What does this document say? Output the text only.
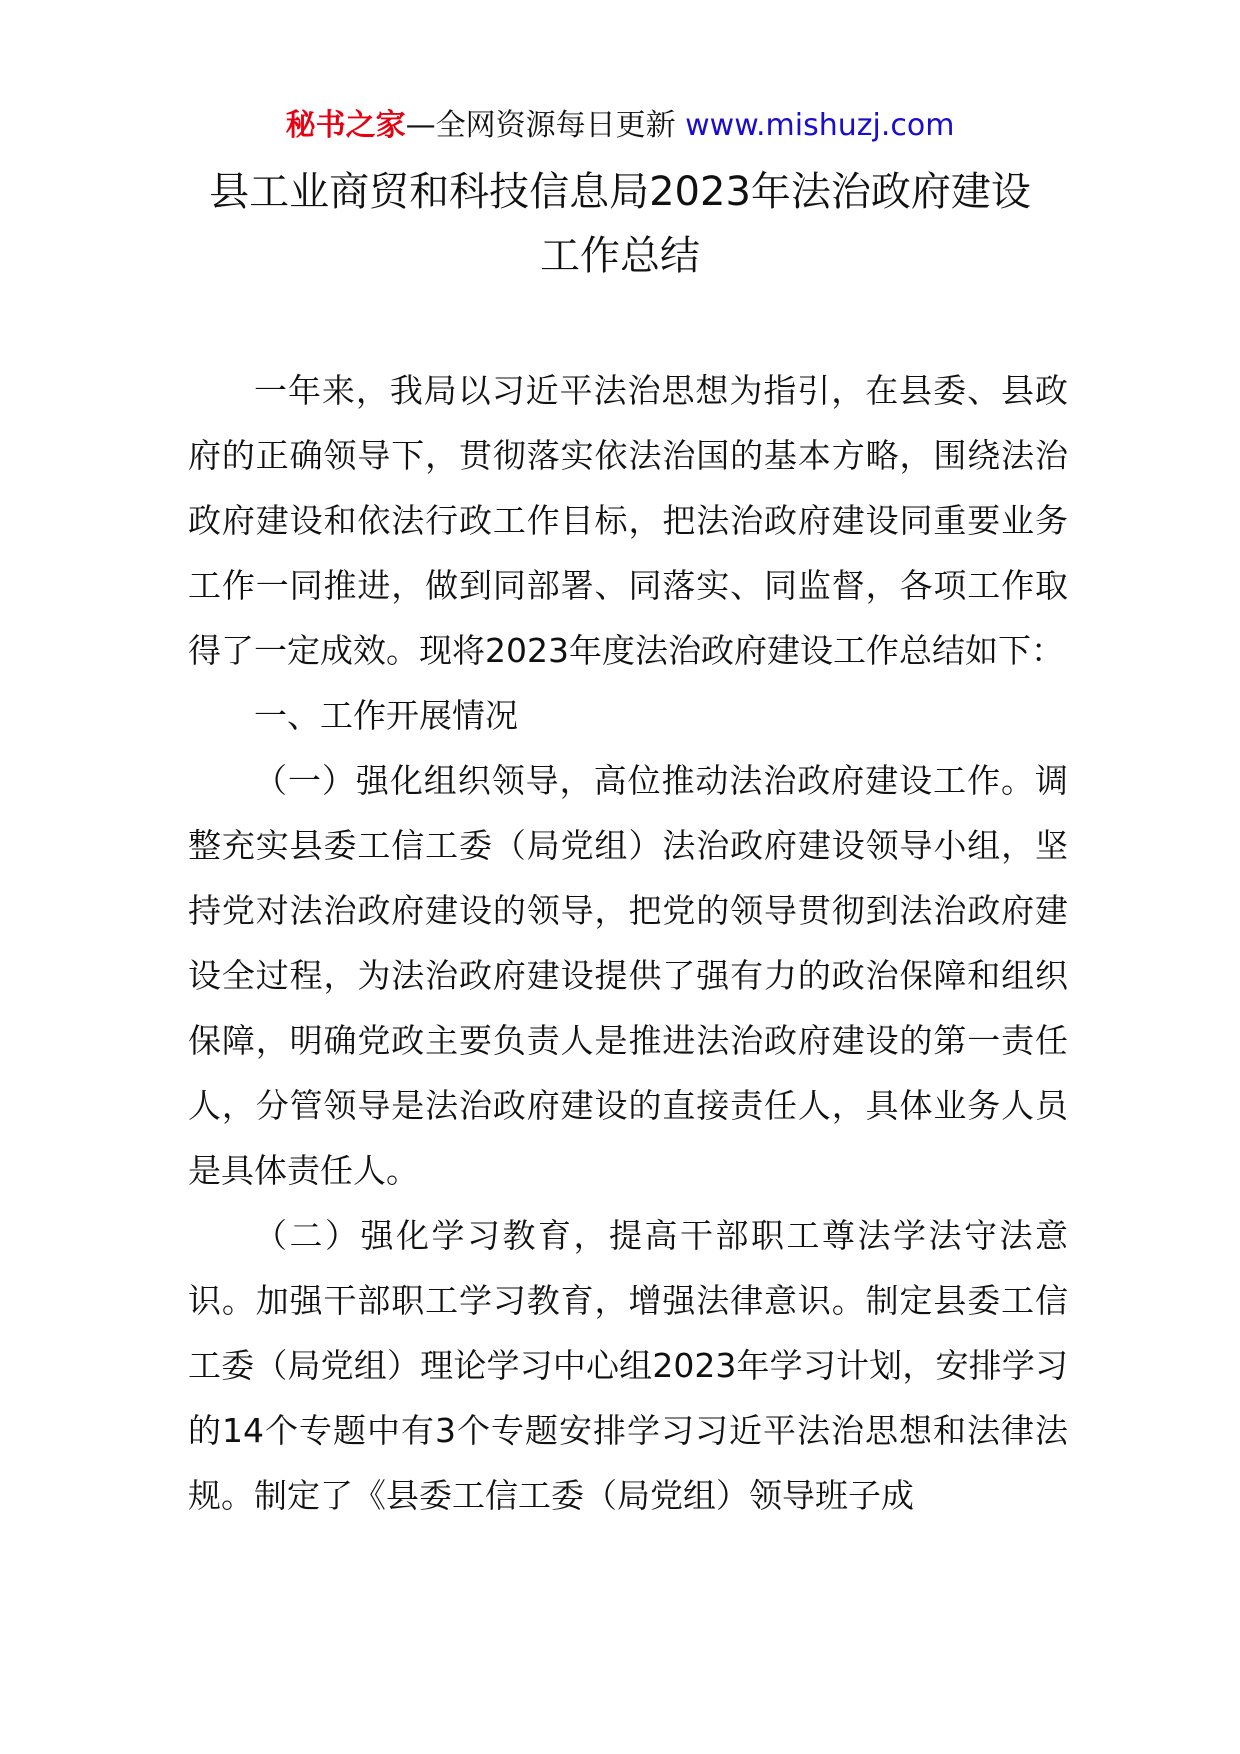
秘书之家—全网资源每日更新 www.mishuzj.com
县工业商贸和科技信息局2023年法治政府建设
工作总结

一年来，我局以习近平法治思想为指引，在县委、县政府的正确领导下，贯彻落实依法治国的基本方略，围绕法治政府建设和依法行政工作目标，把法治政府建设同重要业务工作一同推进，做到同部署、同落实、同监督，各项工作取得了一定成效。现将2023年度法治政府建设工作总结如下：

一、工作开展情况

（一）强化组织领导，高位推动法治政府建设工作。调整充实县委工信工委（局党组）法治政府建设领导小组，坚持党对法治政府建设的领导，把党的领导贯彻到法治政府建设全过程，为法治政府建设提供了强有力的政治保障和组织保障，明确党政主要负责人是推进法治政府建设的第一责任人，分管领导是法治政府建设的直接责任人，具体业务人员是具体责任人。

（二）强化学习教育，提高干部职工尊法学法守法意识。加强干部职工学习教育，增强法律意识。制定县委工信工委（局党组）理论学习中心组2023年学习计划，安排学习的14个专题中有3个专题安排学习习近平法治思想和法律法规。制定了《县委工信工委（局党组）领导班子成
